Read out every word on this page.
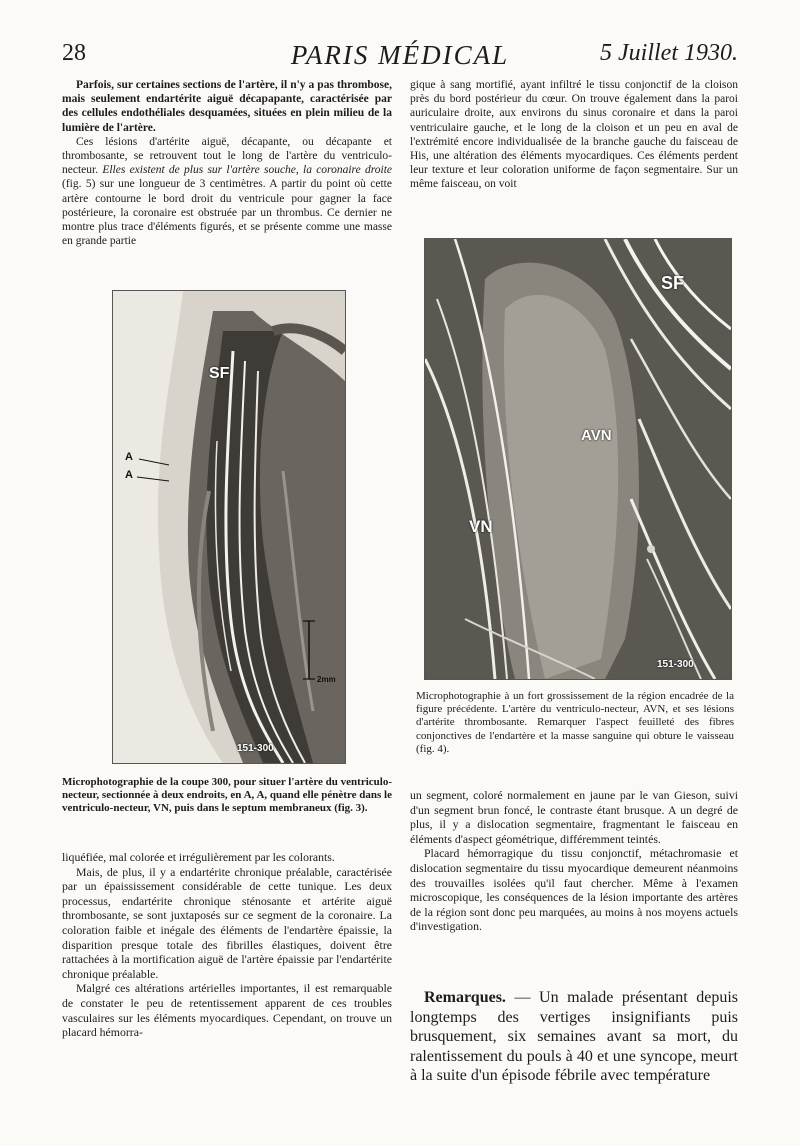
PARIS MÉDICAL
28	5 Juillet 1930.

Parfois, sur certaines sections de l'artère, il n'y a pas thrombose, mais seulement endartérite aiguë décapapante, caractérisée par des cellules endothéliales desquamées, situées en plein milieu de la lumière de l'artère.

Ces lésions d'artérite aiguë, décapante, ou décapante et thrombosante, se retrouvent tout le long de l'artère du ventriculo-necteur. Elles existent de plus sur l'artère souche, la coronaire droite (fig. 5) sur une longueur de 3 centimètres. A partir du point où cette artère contourne le bord droit du ventricule pour gagner la face postérieure, la coronaire est obstruée par un thrombus. Ce dernier ne montre plus trace d'éléments figurés, et se présente comme une masse en grande partie

gique à sang mortifié, ayant infiltré le tissu conjonctif de la cloison près du bord postérieur du cœur. On trouve également dans la paroi auriculaire droite, aux environs du sinus coronaire et dans la paroi ventriculaire gauche, et le long de la cloison et un peu en aval de l'extrémité encore individualisée de la branche gauche du faisceau de His, une altération des éléments myocardiques. Ces éléments perdent leur texture et leur coloration uniforme de façon segmentaire. Sur un même faisceau, on voit

SF
A
A
2mm
151-300
Microphotographie de la coupe 300, pour situer l'artère du ventriculo-necteur, sectionnée à deux endroits, en A, A, quand elle pénètre dans le ventriculo-necteur, VN, puis dans le septum membraneux (fig. 3).
SF
AVN
VN
151-300
Microphotographie à un fort grossissement de la région encadrée de la figure précédente. L'artère du ventriculo-necteur, AVN, et ses lésions d'artérite thrombosante. Remarquer l'aspect feuilleté des fibres conjonctives de l'endartère et la masse sanguine qui obture le vaisseau (fig. 4).

liquéfiée, mal colorée et irrégulièrement par les colorants.

Mais, de plus, il y a endartérite chronique préalable, caractérisée par un épaississement considérable de cette tunique. Les deux processus, endartérite chronique sténosante et artérite aiguë thrombosante, se sont juxtaposés sur ce segment de la coronaire. La coloration faible et inégale des éléments de l'endartère épaissie, la disparition presque totale des fibrilles élastiques, doivent être rattachées à la mortification aiguë de l'artère épaissie par l'endartérite chronique préalable.

Malgré ces altérations artérielles importantes, il est remarquable de constater le peu de retentissement apparent de ces troubles vasculaires sur les éléments myocardiques. Cependant, on trouve un placard hémorra-

un segment, coloré normalement en jaune par le van Gieson, suivi d'un segment brun foncé, le contraste étant brusque. A un degré de plus, il y a dislocation segmentaire, fragmentant le faisceau en éléments d'aspect géométrique, différemment teintés.

Placard hémorragique du tissu conjonctif, métachromasie et dislocation segmentaire du tissu myocardique demeurent néanmoins des trouvailles isolées qu'il faut chercher. Même à l'examen microscopique, les conséquences de la lésion importante des artères de la région sont donc peu marquées, au moins à nos moyens actuels d'investigation.

Remarques. — Un malade présentant depuis longtemps des vertiges insignifiants puis brusquement, six semaines avant sa mort, du ralentissement du pouls à 40 et une syncope, meurt à la suite d'un épisode fébrile avec température
